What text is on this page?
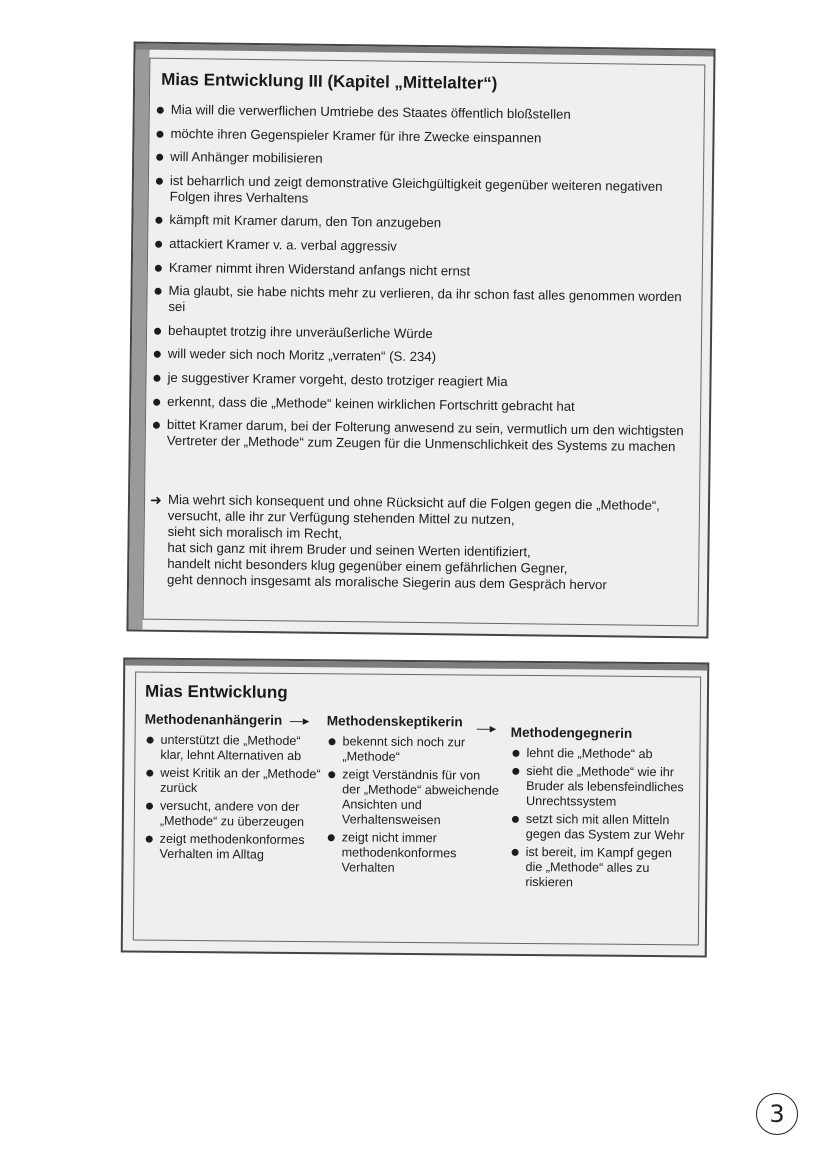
Mias Entwicklung III (Kapitel „Mittelalter“)
Mia will die verwerflichen Umtriebe des Staates öffentlich bloßstellen
möchte ihren Gegenspieler Kramer für ihre Zwecke einspannen
will Anhänger mobilisieren
ist beharrlich und zeigt demonstrative Gleichgültigkeit gegenüber weiteren negativen Folgen ihres Verhaltens
kämpft mit Kramer darum, den Ton anzugeben
attackiert Kramer v. a. verbal aggressiv
Kramer nimmt ihren Widerstand anfangs nicht ernst
Mia glaubt, sie habe nichts mehr zu verlieren, da ihr schon fast alles genommen worden sei
behauptet trotzig ihre unveräußerliche Würde
will weder sich noch Moritz „verraten“ (S. 234)
je suggestiver Kramer vorgeht, desto trotziger reagiert Mia
erkennt, dass die „Methode“ keinen wirklichen Fortschritt gebracht hat
bittet Kramer darum, bei der Folterung anwesend zu sein, vermutlich um den wichtigsten Vertreter der „Methode“ zum Zeugen für die Unmenschlichkeit des Systems zu machen
➜ Mia wehrt sich konsequent und ohne Rücksicht auf die Folgen gegen die „Methode“,
versucht, alle ihr zur Verfügung stehenden Mittel zu nutzen,
sieht sich moralisch im Recht,
hat sich ganz mit ihrem Bruder und seinen Werten identifiziert,
handelt nicht besonders klug gegenüber einem gefährlichen Gegner,
geht dennoch insgesamt als moralische Siegerin aus dem Gespräch hervor
Mias Entwicklung
Methodenanhängerin
unterstützt die „Methode“ klar, lehnt Alternativen ab
weist Kritik an der „Methode“ zurück
versucht, andere von der „Methode“ zu überzeugen
zeigt methodenkonformes Verhalten im Alltag
—▸ Methodenskeptikerin
bekennt sich noch zur „Methode“
zeigt Verständnis für von der „Methode“ abweichende Ansichten und Verhaltensweisen
zeigt nicht immer methodenkonformes Verhalten
—▸ Methodengegnerin
lehnt die „Methode“ ab
sieht die „Methode“ wie ihr Bruder als lebensfeindliches Unrechtssystem
setzt sich mit allen Mitteln gegen das System zur Wehr
ist bereit, im Kampf gegen die „Methode“ alles zu riskieren
3
